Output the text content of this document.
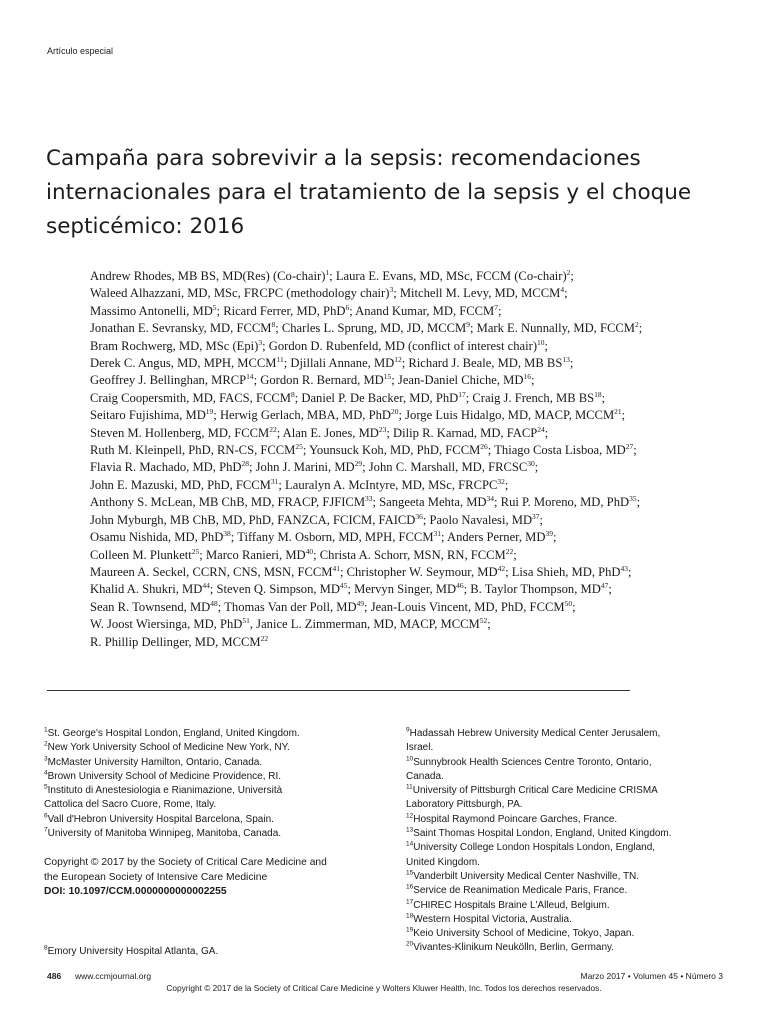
Artículo especial
Campaña para sobrevivir a la sepsis: recomendaciones internacionales para el tratamiento de la sepsis y el choque septicémico: 2016
Andrew Rhodes, MB BS, MD(Res) (Co-chair)$^1$; Laura E. Evans, MD, MSc, FCCM (Co-chair)$^2$;
Waleed Alhazzani, MD, MSc, FRCPC (methodology chair)$^3$; Mitchell M. Levy, MD, MCCM$^4$;
Massimo Antonelli, $MD^5$; Ricard Ferrer, MD, PhD$^6$; Anand Kumar, MD, FCCM$^7$;
Jonathan E. Sevransky, MD, FCCM$^8$; Charles L. Sprung, MD, JD, MCCM$^9$; Mark E. Nunnally, MD, FCCM$^2$;
Bram Rochwerg, MD, MSc (Epi)$^3$; Gordon D. Rubenfeld, MD (conflict of interest chair)$^{10}$;
Derek C. Angus, MD, MPH, MCCM$^{11}$; Djillali Annane, MD$^{12}$; Richard J. Beale, MD, MB BS$^{13}$;
Geoffrey J. Bellinghan, MRCP$^{14}$; Gordon R. Bernard, MD$^{15}$; Jean-Daniel Chiche, MD$^{16}$;
Craig Coopersmith, MD, FACS, FCCM$^8$; Daniel P. De Backer, MD, PhD$^{17}$; Craig J. French, MB BS$^{18}$;
Seitaro Fujishima, MD$^{19}$; Herwig Gerlach, MBA, MD, PhD$^{20}$; Jorge Luis Hidalgo, MD, MACP, MCCM$^{21}$;
Steven M. Hollenberg, MD, FCCM$^{22}$; Alan E. Jones, MD$^{23}$; Dilip R. Karnad, MD, FACP$^{24}$;
Ruth M. Kleinpell, PhD, RN-CS, FCCM$^{25}$; Younsuck Koh, MD, PhD, FCCM$^{26}$; Thiago Costa Lisboa, MD$^{27}$;
Flavia R. Machado, MD, PhD$^{28}$; John J. Marini, MD$^{29}$; John C. Marshall, MD, FRCSC$^{30}$;
John E. Mazuski, MD, PhD, FCCM$^{31}$; Lauralyn A. McIntyre, MD, MSc, FRCPC$^{32}$;
Anthony S. McLean, MB ChB, MD, FRACP, FJFICM$^{33}$; Sangeeta Mehta, MD$^{34}$; Rui P. Moreno, MD, PhD$^{35}$;
John Myburgh, MB ChB, MD, PhD, FANZCA, FCICM, FAICD$^{36}$; Paolo Navalesi, MD$^{37}$;
Osamu Nishida, MD, PhD$^{38}$; Tiffany M. Osborn, MD, MPH, FCCM$^{31}$; Anders Perner, MD$^{39}$;
Colleen M. Plunkett$^{25}$; Marco Ranieri, MD$^{40}$; Christa A. Schorr, MSN, RN, FCCM$^{22}$;
Maureen A. Seckel, CCRN, CNS, MSN, FCCM$^{41}$; Christopher W. Seymour, MD$^{42}$; Lisa Shieh, MD, PhD$^{43}$;
Khalid A. Shukri, MD$^{44}$; Steven Q. Simpson, MD$^{45}$; Mervyn Singer, MD$^{46}$; B. Taylor Thompson, MD$^{47}$;
Sean R. Townsend, MD$^{48}$; Thomas Van der Poll, MD$^{49}$; Jean-Louis Vincent, MD, PhD, FCCM$^{50}$;
W. Joost Wiersinga, MD, PhD$^{51}$, Janice L. Zimmerman, MD, MACP, MCCM$^{52}$;
R. Phillip Dellinger, MD, MCCM$^{22}$
$^1$St. George's Hospital London, England, United Kingdom.
$^2$New York University School of Medicine New York, NY.
$^3$McMaster University Hamilton, Ontario, Canada.
$^4$Brown University School of Medicine Providence, RI.
$^5$Instituto di Anestesiologia e Rianimazione, Università
Cattolica del Sacro Cuore, Rome, Italy.
$^6$Vall d'Hebron University Hospital Barcelona, Spain.
$^7$University of Manitoba Winnipeg, Manitoba, Canada.
Copyright © 2017 by the Society of Critical Care Medicine and
the European Society of Intensive Care Medicine
DOI: 10.1097/CCM.0000000000002255
$^8$Emory University Hospital Atlanta, GA.
$^9$Hadassah Hebrew University Medical Center Jerusalem,
Israel.
$^{10}$Sunnybrook Health Sciences Centre Toronto, Ontario,
Canada.
$^{11}$University of Pittsburgh Critical Care Medicine CRISMA
Laboratory Pittsburgh, PA.
$^{12}$Hospital Raymond Poincare Garches, France.
$^{13}$Saint Thomas Hospital London, England, United Kingdom.
$^{14}$University College London Hospitals London, England,
United Kingdom.
$^{15}$Vanderbilt University Medical Center Nashville, TN.
$^{16}$Service de Reanimation Medicale Paris, France.
$^{17}$CHIREC Hospitals Braine L'Alleud, Belgium.
$^{18}$Western Hospital Victoria, Australia.
$^{19}$Keio University School of Medicine, Tokyo, Japan.
$^{20}$Vivantes-Klinikum Neukölln, Berlin, Germany.
486 www.ccmjournal.org	Marzo 2017 • Volumen 45 • Número 3
Copyright © 2017 de la Society of Critical Care Medicine y Wolters Kluwer Health, Inc. Todos los derechos reservados.
